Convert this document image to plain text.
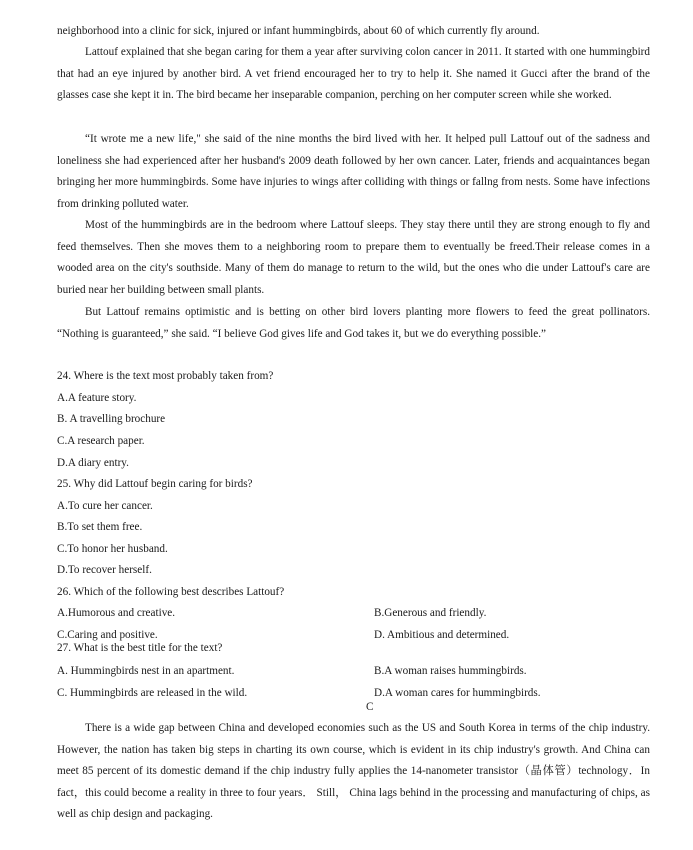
neighborhood into a clinic for sick, injured or infant hummingbirds, about 60 of which currently fly around.

Lattouf explained that she began caring for them a year after surviving colon cancer in 2011. It started with one hummingbird that had an eye injured by another bird. A vet friend encouraged her to try to help it. She named it Gucci after the brand of the glasses case she kept it in. The bird became her inseparable companion, perching on her computer screen while she worked.

“It wrote me a new life," she said of the nine months the bird lived with her. It helped pull Lattouf out of the sadness and loneliness she had experienced after her husband's 2009 death followed by her own cancer. Later, friends and acquaintances began bringing her more hummingbirds. Some have injuries to wings after colliding with things or fallng from nests. Some have infections from drinking polluted water.

Most of the hummingbirds are in the bedroom where Lattouf sleeps. They stay there until they are strong enough to fly and feed themselves. Then she moves them to a neighboring room to prepare them to eventually be freed.Their release comes in a wooded area on the city's southside. Many of them do manage to return to the wild, but the ones who die under Lattouf's care are buried near her building between small plants.

But Lattouf remains optimistic and is betting on other bird lovers planting more flowers to feed the great pollinators. “Nothing is guaranteed,” she said. “I believe God gives life and God takes it, but we do everything possible.”

24. Where is the text most probably taken from?
A.A feature story.
B. A travelling brochure
C.A research paper.
D.A diary entry.
25. Why did Lattouf begin caring for birds?
A.To cure her cancer.
B.To set them free.
C.To honor her husband.
D.To recover herself.
26. Which of the following best describes Lattouf?
A.Humorous and creative.	B.Generous and friendly.
C.Caring and positive.	D. Ambitious and determined.
27. What is the best title for the text?
A. Hummingbirds nest in an apartment.	B.A woman raises hummingbirds.
C. Hummingbirds are released in the wild.	D.A woman cares for hummingbirds.
C

There is a wide gap between China and developed economies such as the US and South Korea in terms of the chip industry. However, the nation has taken big steps in charting its own course, which is evident in its chip industry's growth. And China can meet 85 percent of its domestic demand if the chip industry fully applies the 14-nanometer transistor（晶体管）technology．In fact，this could become a reality in three to four years． Still， China lags behind in the processing and manufacturing of chips, as well as chip design and packaging.
